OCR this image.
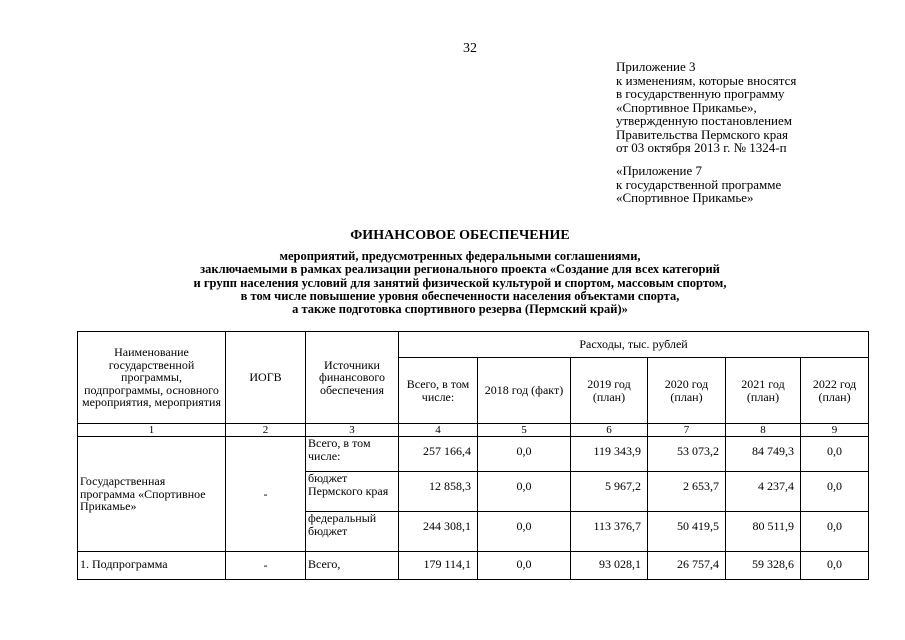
32
Приложение 3
к изменениям, которые вносятся
в государственную программу
«Спортивное Прикамье»,
утвержденную постановлением
Правительства Пермского края
от 03 октября 2013 г. № 1324-п
«Приложение 7
к государственной программе
«Спортивное Прикамье»
ФИНАНСОВОЕ ОБЕСПЕЧЕНИЕ
мероприятий, предусмотренных федеральными соглашениями,
заключаемыми в рамках реализации регионального проекта «Создание для всех категорий
и групп населения условий для занятий физической культурой и спортом, массовым спортом,
в том числе повышение уровня обеспеченности населения объектами спорта,
а также подготовка спортивного резерва (Пермский край)»
Наименование государственной программы, подпрограммы, основного мероприятия, мероприятия	ИОГВ	Источники финансового обеспечения	Расходы, тыс. рублей					
			Всего, в том числе:	2018 год (факт)	2019 год (план)	2020 год (план)	2021 год (план)	2022 год (план)
1	2	3	4	5	6	7	8	9
Государственная программа «Спортивное Прикамье»	-	Всего, в том числе:	257 166,4	0,0	119 343,9	53 073,2	84 749,3	0,0
		бюджет Пермского края	12 858,3	0,0	5 967,2	2 653,7	4 237,4	0,0
		федеральный бюджет	244 308,1	0,0	113 376,7	50 419,5	80 511,9	0,0
1. Подпрограмма	-	Всего,	179 114,1	0,0	93 028,1	26 757,4	59 328,6	0,0
